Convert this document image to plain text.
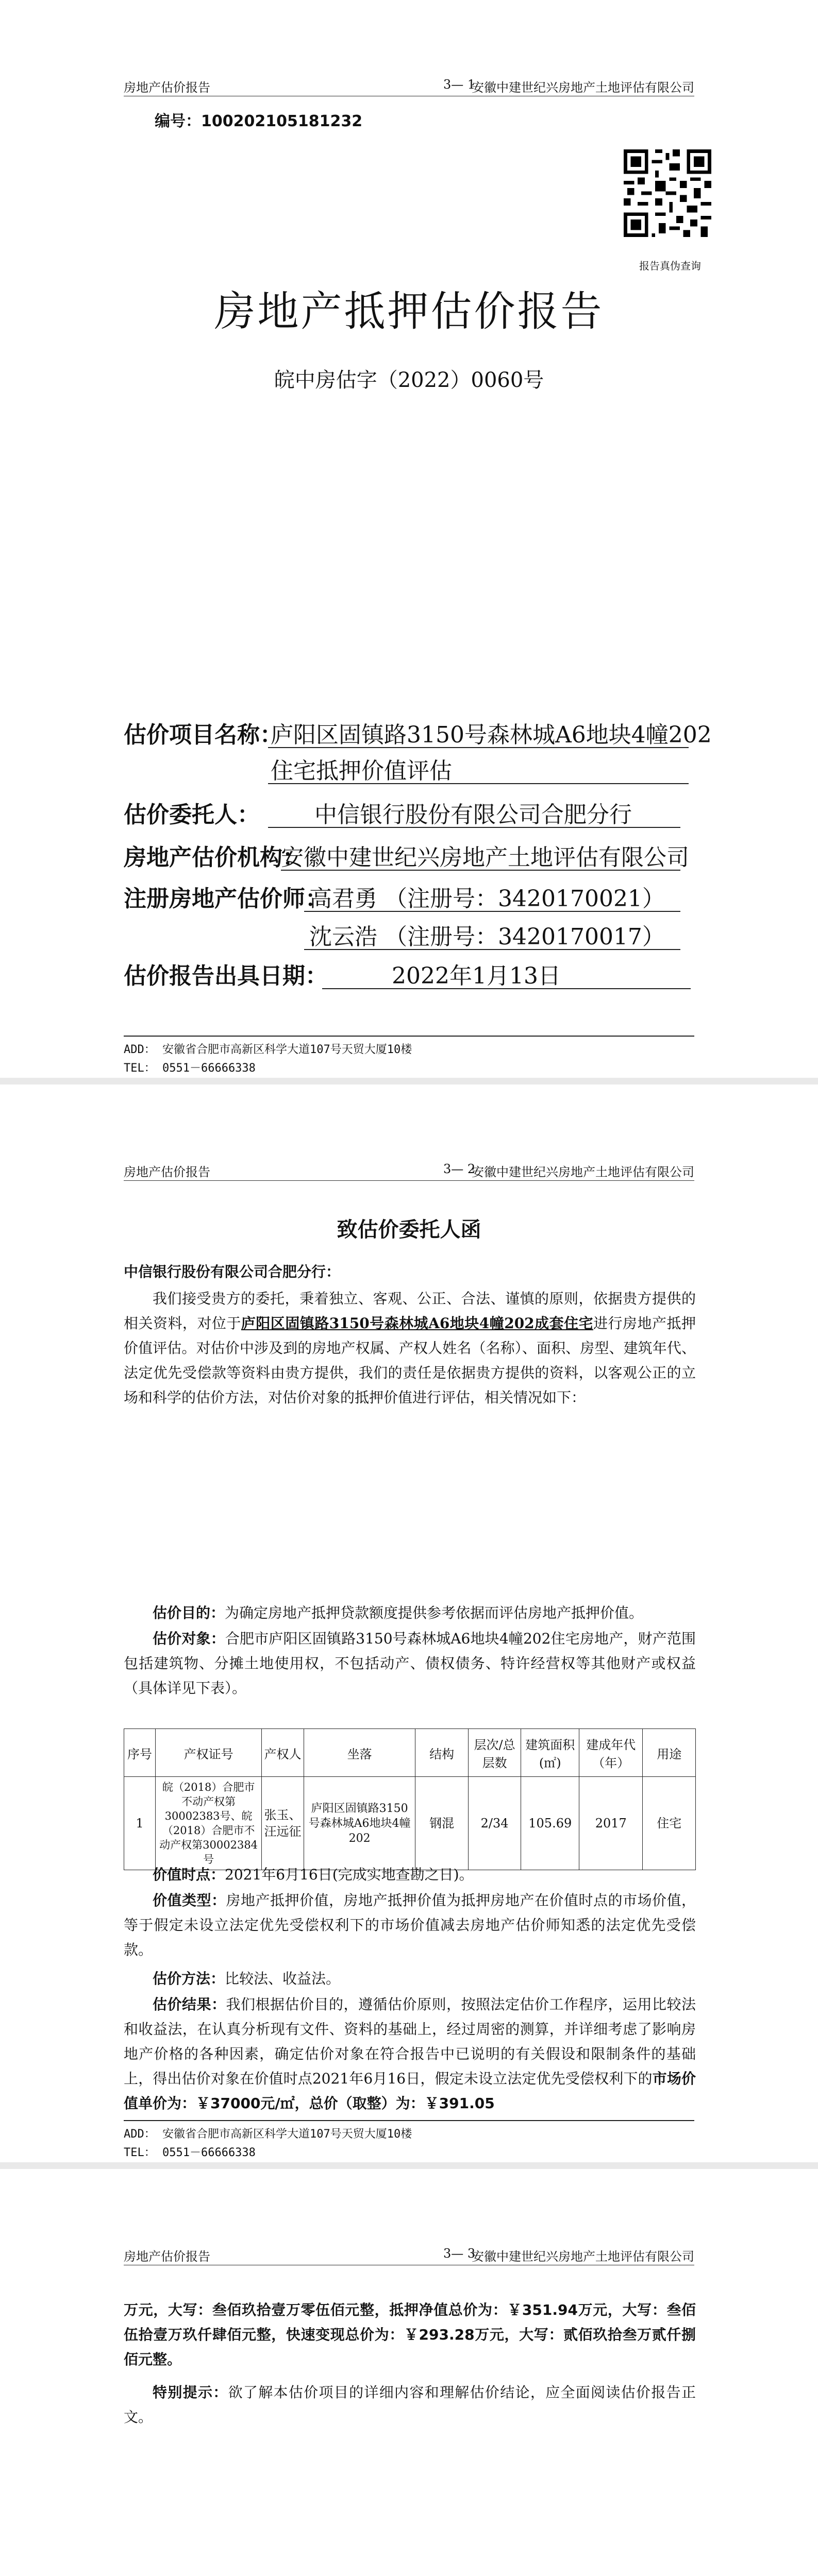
房地产估价报告	3— 1
安徽中建世纪兴房地产土地评估有限公司
编号：100202105181232
报告真伪查询
房地产抵押估价报告
皖中房估字（2022）0060号
估价项目名称：
庐阳区固镇路3150号森林城A6地块4幢202
住宅抵押价值评估
估价委托人： 中信银行股份有限公司合肥分行
房地产估价机构：
安徽中建世纪兴房地产土地评估有限公司
注册房地产估价师：
高君勇 （注册号：3420170021）
沈云浩 （注册号：3420170017）
估价报告出具日期：	2022年1月13日
ADD： 安徽省合肥市高新区科学大道107号天贸大厦10楼
TEL： 0551－66666338
房地产估价报告	3— 2
安徽中建世纪兴房地产土地评估有限公司
致估价委托人函
中信银行股份有限公司合肥分行：
我们接受贵方的委托，秉着独立、客观、公正、合法、谨慎的原则，依据贵方提供的相关资料，对位于庐阳区固镇路3150号森林城A6地块4幢202成套住宅进行房地产抵押价值评估。对估价中涉及到的房地产权属、产权人姓名（名称）、面积、房型、建筑年代、法定优先受偿款等资料由贵方提供，我们的责任是依据贵方提供的资料，以客观公正的立场和科学的估价方法，对估价对象的抵押价值进行评估，相关情况如下：
估价目的：为确定房地产抵押贷款额度提供参考依据而评估房地产抵押价值。
估价对象：合肥市庐阳区固镇路3150号森林城A6地块4幢202住宅房地产，财产范围包括建筑物、分摊土地使用权，不包括动产、债权债务、特许经营权等其他财产或权益（具体详见下表）。
序号	产权证号	产权人	坐落	结构	层次/总层数	建筑面积(㎡)	建成年代（年）	用途
1	皖（2018）合肥市不动产权第30002383号、皖（2018）合肥市不动产权第30002384号	张玉、汪远征	庐阳区固镇路3150号森林城A6地块4幢202	钢混	2/34	105.69	2017	住宅
价值时点：2021年6月16日(完成实地查勘之日)。
价值类型：房地产抵押价值，房地产抵押价值为抵押房地产在价值时点的市场价值，等于假定未设立法定优先受偿权利下的市场价值减去房地产估价师知悉的法定优先受偿款。
估价方法：比较法、收益法。
估价结果：我们根据估价目的，遵循估价原则，按照法定估价工作程序，运用比较法和收益法，在认真分析现有文件、资料的基础上，经过周密的测算，并详细考虑了影响房地产价格的各种因素，确定估价对象在符合报告中已说明的有关假设和限制条件的基础上，得出估价对象在价值时点2021年6月16日，假定未设立法定优先受偿权利下的市场价值单价为：￥37000元/㎡，总价（取整）为：￥391.05
ADD： 安徽省合肥市高新区科学大道107号天贸大厦10楼
TEL： 0551－66666338
房地产估价报告	3— 3
安徽中建世纪兴房地产土地评估有限公司
万元，大写：叁佰玖拾壹万零伍佰元整，抵押净值总价为：￥351.94万元，大写：叁佰伍拾壹万玖仟肆佰元整，快速变现总价为：￥293.28万元，大写：贰佰玖拾叁万贰仟捌佰元整。
特别提示：欲了解本估价项目的详细内容和理解估价结论，应全面阅读估价报告正文。
